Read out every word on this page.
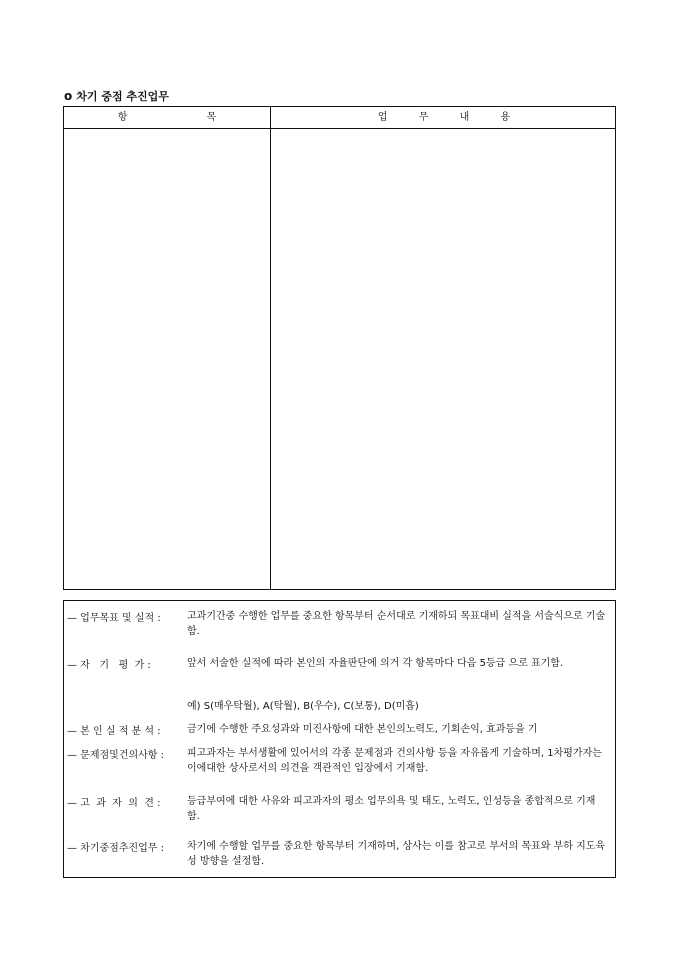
o 차기 중점 추진업무
항 목	업 무 내 용
— 업무목표 및 실적 :	고과기간중 수행한 업무를 중요한 항목부터 순서대로 기재하되 목표대비 실적을 서술식으로 기술함.
— 자   기   평  가 :	앞서 서술한 실적에 따라 본인의 자율판단에 의거 각 항목마다 다음 5등급 으로 표기함.
예) S(매우탁월), A(탁월), B(우수), C(보통), D(미흡)
— 본 인 실 적 분 석 :	금기에 수행한 주요성과와 미진사항에 대한 본인의노력도, 기회손익, 효과등을 기
— 문제점및건의사항 : 피고과자는 부서생활에 있어서의 각종 문제점과 건의사항 등을 자유롭게 기술하며, 1차평가자는 이에대한 상사로서의 의견을 객관적인 입장에서 기재함.
— 고  과  자  의  견 :	등급부여에 대한 사유와 피고과자의 평소 업무의욕 및 태도, 노력도, 인성등을 종합적으로 기재함.
— 차기중점추진업무 : 차기에 수행할 업무를 중요한 항목부터 기재하며, 상사는 이를 참고로 부서의 목표와 부하 지도육성 방향을 설정함.
